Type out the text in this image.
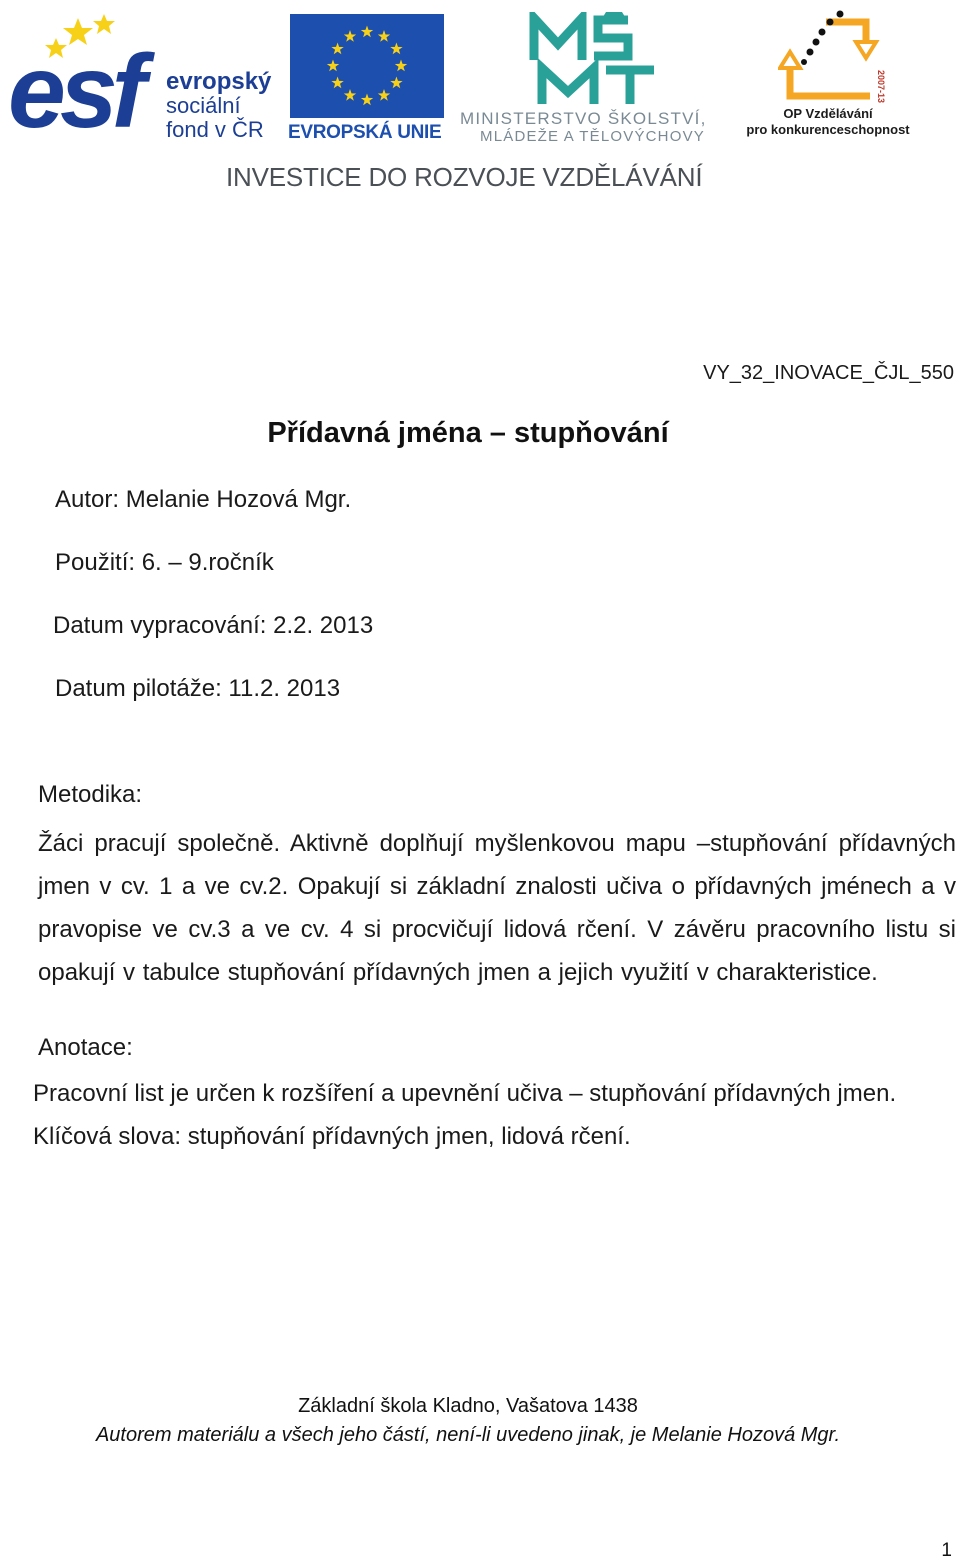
esf evropský
sociální
fond v ČR	EVROPSKÁ UNIE
MINISTERSTVO ŠKOLSTVÍ,
MLÁDEŽE A TĚLOVÝCHOVY
2007-13
OP Vzdělávání
pro konkurenceschopnost
INVESTICE DO ROZVOJE VZDĚLÁVÁNÍ
VY_32_INOVACE_ČJL_550
Přídavná jména – stupňování
Autor: Melanie Hozová Mgr.
Použití: 6. – 9.ročník
Datum vypracování: 2.2. 2013
Datum pilotáže: 11.2. 2013
Metodika:
Žáci pracují společně. Aktivně doplňují myšlenkovou mapu –stupňování přídavných jmen v cv. 1 a ve cv.2. Opakují si základní znalosti učiva o přídavných jménech a v pravopise ve cv.3 a ve cv. 4 si procvičují lidová rčení. V závěru pracovního listu si opakují v tabulce stupňování přídavných jmen a jejich využití v charakteristice.
Anotace:
Pracovní list je určen k rozšíření a upevnění učiva – stupňování přídavných jmen. Klíčová slova: stupňování přídavných jmen, lidová rčení.
Základní škola Kladno, Vašatova 1438
Autorem materiálu a všech jeho částí, není-li uvedeno jinak, je Melanie Hozová Mgr.
1
